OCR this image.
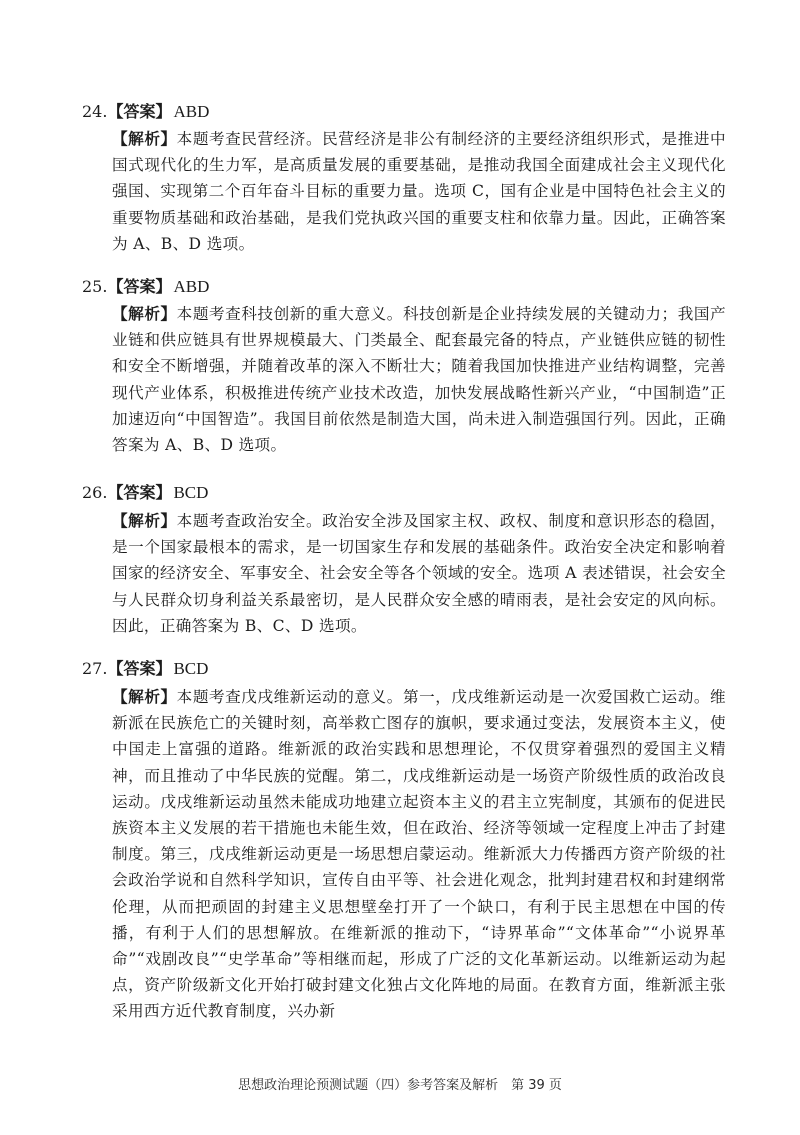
24.【答案】 ABD

【解析】本题考查民营经济。民营经济是非公有制经济的主要经济组织形式，是推进中国式现代化的生力军，是高质量发展的重要基础，是推动我国全面建成社会主义现代化强国、实现第二个百年奋斗目标的重要力量。选项 C，国有企业是中国特色社会主义的重要物质基础和政治基础，是我们党执政兴国的重要支柱和依靠力量。因此，正确答案为 A、B、D 选项。

25.【答案】 ABD

【解析】本题考查科技创新的重大意义。科技创新是企业持续发展的关键动力；我国产业链和供应链具有世界规模最大、门类最全、配套最完备的特点，产业链供应链的韧性和安全不断增强，并随着改革的深入不断壮大；随着我国加快推进产业结构调整，完善现代产业体系，积极推进传统产业技术改造，加快发展战略性新兴产业，“中国制造”正加速迈向“中国智造”。我国目前依然是制造大国，尚未进入制造强国行列。因此，正确答案为 A、B、D 选项。

26.【答案】 BCD

【解析】本题考查政治安全。政治安全涉及国家主权、政权、制度和意识形态的稳固，是一个国家最根本的需求，是一切国家生存和发展的基础条件。政治安全决定和影响着国家的经济安全、军事安全、社会安全等各个领域的安全。选项 A 表述错误，社会安全与人民群众切身利益关系最密切，是人民群众安全感的晴雨表，是社会安定的风向标。因此，正确答案为 B、C、D 选项。

27.【答案】 BCD

【解析】本题考查戊戌维新运动的意义。第一，戊戌维新运动是一次爱国救亡运动。维新派在民族危亡的关键时刻，高举救亡图存的旗帜，要求通过变法，发展资本主义，使中国走上富强的道路。维新派的政治实践和思想理论，不仅贯穿着强烈的爱国主义精神，而且推动了中华民族的觉醒。第二，戊戌维新运动是一场资产阶级性质的政治改良运动。戊戌维新运动虽然未能成功地建立起资本主义的君主立宪制度，其颁布的促进民族资本主义发展的若干措施也未能生效，但在政治、经济等领域一定程度上冲击了封建制度。第三，戊戌维新运动更是一场思想启蒙运动。维新派大力传播西方资产阶级的社会政治学说和自然科学知识，宣传自由平等、社会进化观念，批判封建君权和封建纲常伦理，从而把顽固的封建主义思想壁垒打开了一个缺口，有利于民主思想在中国的传播，有利于人们的思想解放。在维新派的推动下，“诗界革命”“文体革命”“小说界革命”“戏剧改良”“史学革命”等相继而起，形成了广泛的文化革新运动。以维新运动为起点，资产阶级新文化开始打破封建文化独占文化阵地的局面。在教育方面，维新派主张采用西方近代教育制度，兴办新

思想政治理论预测试题（四）参考答案及解析　第 39 页
